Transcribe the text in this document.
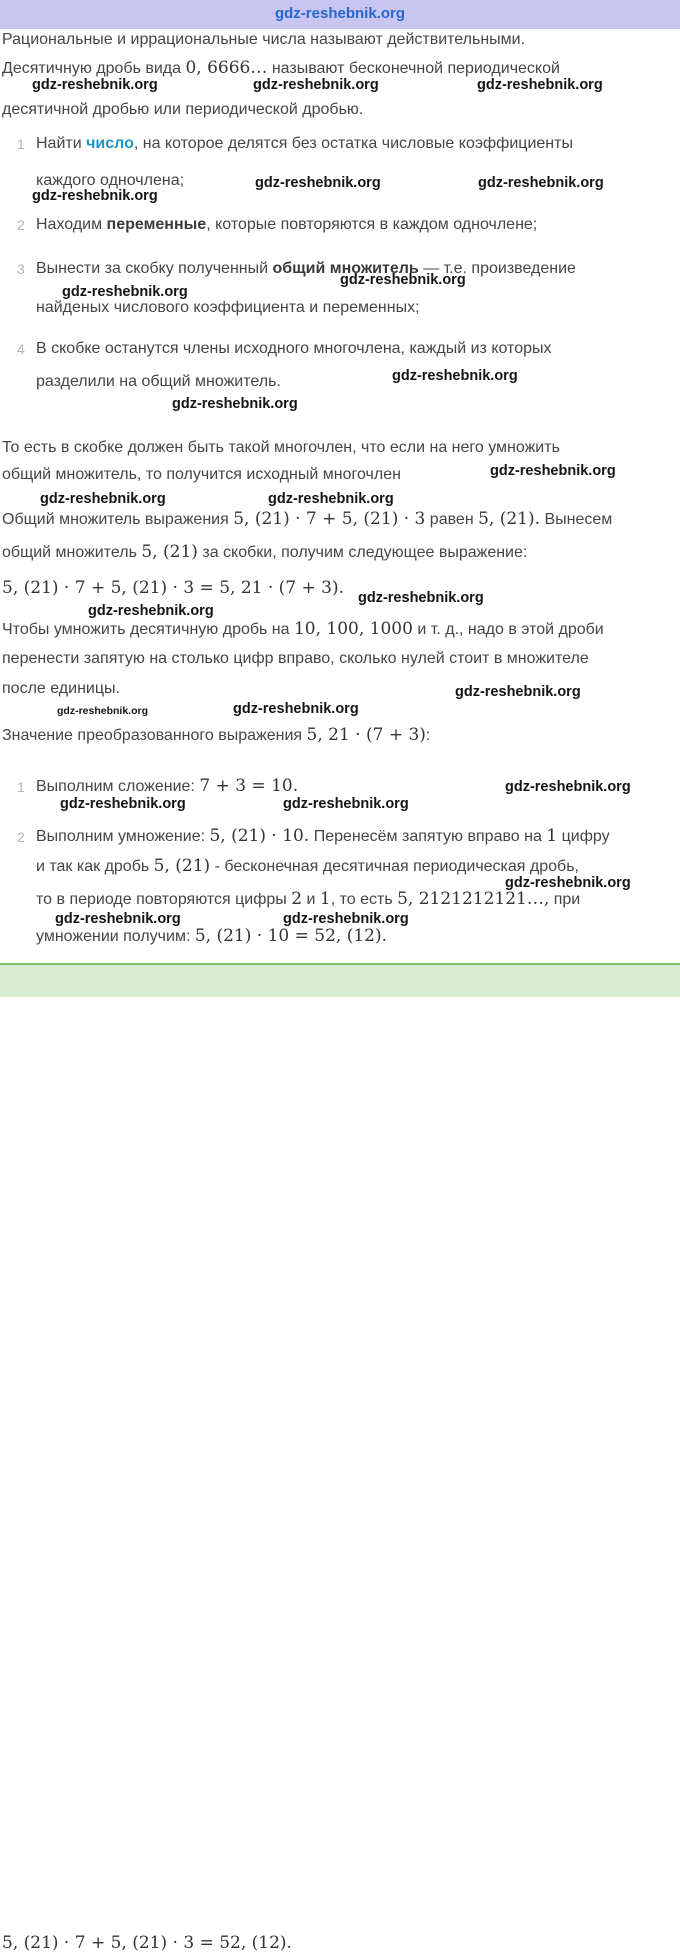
gdz-reshebnik.org
Рациональные и иррациональные числа называют действительными.
Десятичную дробь вида 0, 6666… называют бесконечной периодической
десятичной дробью или периодической дробью.
1 Найти число, на которое делятся без остатка числовые коэффициенты
каждого одночлена;
2 Находим переменные, которые повторяются в каждом одночлене;
3 Вынести за скобку полученный общий множитель — т.е. произведение
найденых числового коэффициента и переменных;
4 В скобке останутся члены исходного многочлена, каждый из которых
разделили на общий множитель.
То есть в скобке должен быть такой многочлен, что если на него умножить
общий множитель, то получится исходный многочлен
Общий множитель выражения 5, (21) · 7 + 5, (21) · 3 равен 5, (21). Вынесем
общий множитель 5, (21) за скобки, получим следующее выражение:
5, (21) · 7 + 5, (21) · 3 = 5, 21 · (7 + 3).
Чтобы умножить десятичную дробь на 10, 100, 1000 и т. д., надо в этой дроби
перенести запятую на столько цифр вправо, сколько нулей стоит в множителе
после единицы.
Значение преобразованного выражения 5, 21 · (7 + 3):
1 Выполним сложение: 7 + 3 = 10.
2 Выполним умножение: 5, (21) · 10. Перенесём запятую вправо на 1 цифру
и так как дробь 5, (21) - бесконечная десятичная периодическая дробь,
то в периоде повторяются цифры 2 и 1, то есть 5, 2121212121…, при
умножении получим: 5, (21) · 10 = 52, (12).
gdz-reshebnik.org	gdz-reshebnik.org	gdz-reshebnik.org
gdz-reshebnik.org	gdz-reshebnik.org
gdz-reshebnik.org
gdz-reshebnik.org
gdz-reshebnik.org
gdz-reshebnik.org
gdz-reshebnik.org
gdz-reshebnik.org
gdz-reshebnik.org	gdz-reshebnik.org
gdz-reshebnik.org
gdz-reshebnik.org
gdz-reshebnik.org
gdz-reshebnik.org	gdz-reshebnik.org
gdz-reshebnik.org
gdz-reshebnik.org	gdz-reshebnik.org
gdz-reshebnik.org
gdz-reshebnik.org	gdz-reshebnik.org
5, (21) · 7 + 5, (21) · 3 = 52, (12).
